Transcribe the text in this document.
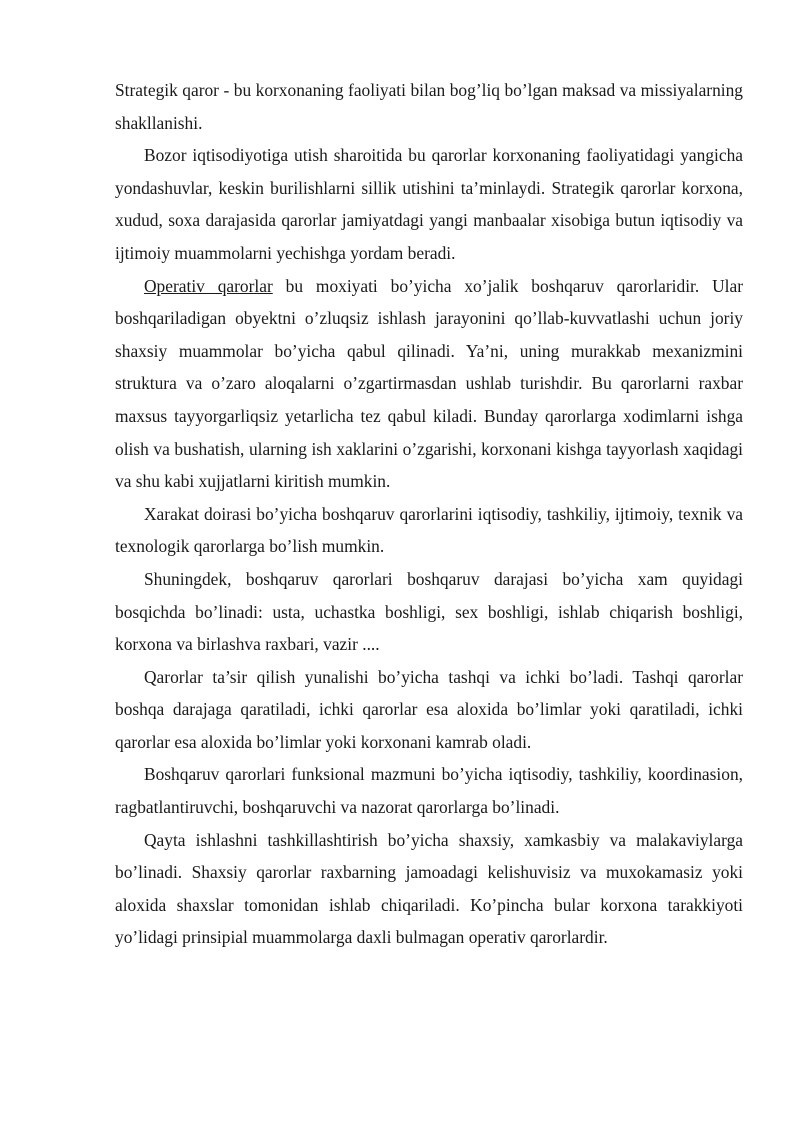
Strategik qaror - bu korxonaning faoliyati bilan bog’liq bo’lgan maksad va missiyalarning shakllanishi.

Bozor iqtisodiyotiga utish sharoitida bu qarorlar korxonaning faoliyatidagi yangicha yondashuvlar, keskin burilishlarni sillik utishini ta’minlaydi. Strategik qarorlar korxona, xudud, soxa darajasida qarorlar jamiyatdagi yangi manbaalar xisobiga butun iqtisodiy va ijtimoiy muammolarni yechishga yordam beradi.

Operativ qarorlar bu moxiyati bo’yicha xo’jalik boshqaruv qarorlaridir. Ular boshqariladigan obyektni o’zluqsiz ishlash jarayonini qo’llab-kuvvatlashi uchun joriy shaxsiy muammolar bo’yicha qabul qilinadi. Ya’ni, uning murakkab mexanizmini struktura va o’zaro aloqalarni o’zgartirmasdan ushlab turishdir. Bu qarorlarni raxbar maxsus tayyorgarliqsiz yetarlicha tez qabul kiladi. Bunday qarorlarga xodimlarni ishga olish va bushatish, ularning ish xaklarini o’zgarishi, korxonani kishga tayyorlash xaqidagi va shu kabi xujjatlarni kiritish mumkin.

Xarakat doirasi bo’yicha boshqaruv qarorlarini iqtisodiy, tashkiliy, ijtimoiy, texnik va texnologik qarorlarga bo’lish mumkin.

Shuningdek, boshqaruv qarorlari boshqaruv darajasi bo’yicha xam quyidagi bosqichda bo’linadi: usta, uchastka boshligi, sex boshligi, ishlab chiqarish boshligi, korxona va birlashva raxbari, vazir ....

Qarorlar ta’sir qilish yunalishi bo’yicha tashqi va ichki bo’ladi. Tashqi qarorlar boshqa darajaga qaratiladi, ichki qarorlar esa aloxida bo’limlar yoki qaratiladi, ichki qarorlar esa aloxida bo’limlar yoki korxonani kamrab oladi.

Boshqaruv qarorlari funksional mazmuni bo’yicha iqtisodiy, tashkiliy, koordinasion, ragbatlantiruvchi, boshqaruvchi va nazorat qarorlarga bo’linadi.

Qayta ishlashni tashkillashtirish bo’yicha shaxsiy, xamkasbiy va malakaviylarga bo’linadi. Shaxsiy qarorlar raxbarning jamoadagi kelishuvisiz va muxokamasiz yoki aloxida shaxslar tomonidan ishlab chiqariladi. Ko’pincha bular korxona tarakkiyoti yo’lidagi prinsipial muammolarga daxli bulmagan operativ qarorlardir.
